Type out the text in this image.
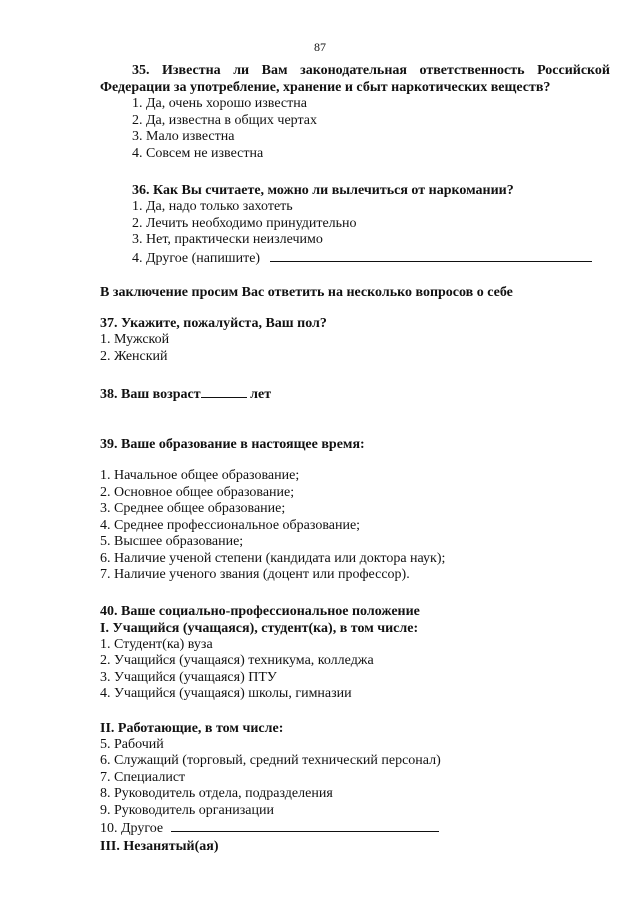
87
35. Известна ли Вам законодательная ответственность Российской Федерации за употребление, хранение и сбыт наркотических веществ?
1. Да, очень хорошо известна
2. Да, известна в общих чертах
3. Мало известна
4. Совсем не известна
36. Как Вы считаете, можно ли вылечиться от наркомании?
1. Да, надо только захотеть
2. Лечить необходимо принудительно
3. Нет, практически неизлечимо
4. Другое (напишите)
В заключение просим Вас ответить на несколько вопросов о себе
37. Укажите, пожалуйста, Ваш пол?
1. Мужской
2. Женский
38. Ваш возраст	лет
39. Ваше образование в настоящее время:
1. Начальное общее образование;
2. Основное общее образование;
3. Среднее общее образование;
4. Среднее профессиональное образование;
5. Высшее образование;
6. Наличие ученой степени (кандидата или доктора наук);
7. Наличие ученого звания (доцент или профессор).
40. Ваше социально-профессиональное положение
I. Учащийся (учащаяся), студент(ка), в том числе:
1. Студент(ка) вуза
2. Учащийся (учащаяся) техникума, колледжа
3. Учащийся (учащаяся) ПТУ
4. Учащийся (учащаяся) школы, гимназии
II. Работающие, в том числе:
5. Рабочий
6. Служащий (торговый, средний технический персонал)
7. Специалист
8. Руководитель отдела, подразделения
9. Руководитель организации
10. Другое
III. Незанятый(ая)
